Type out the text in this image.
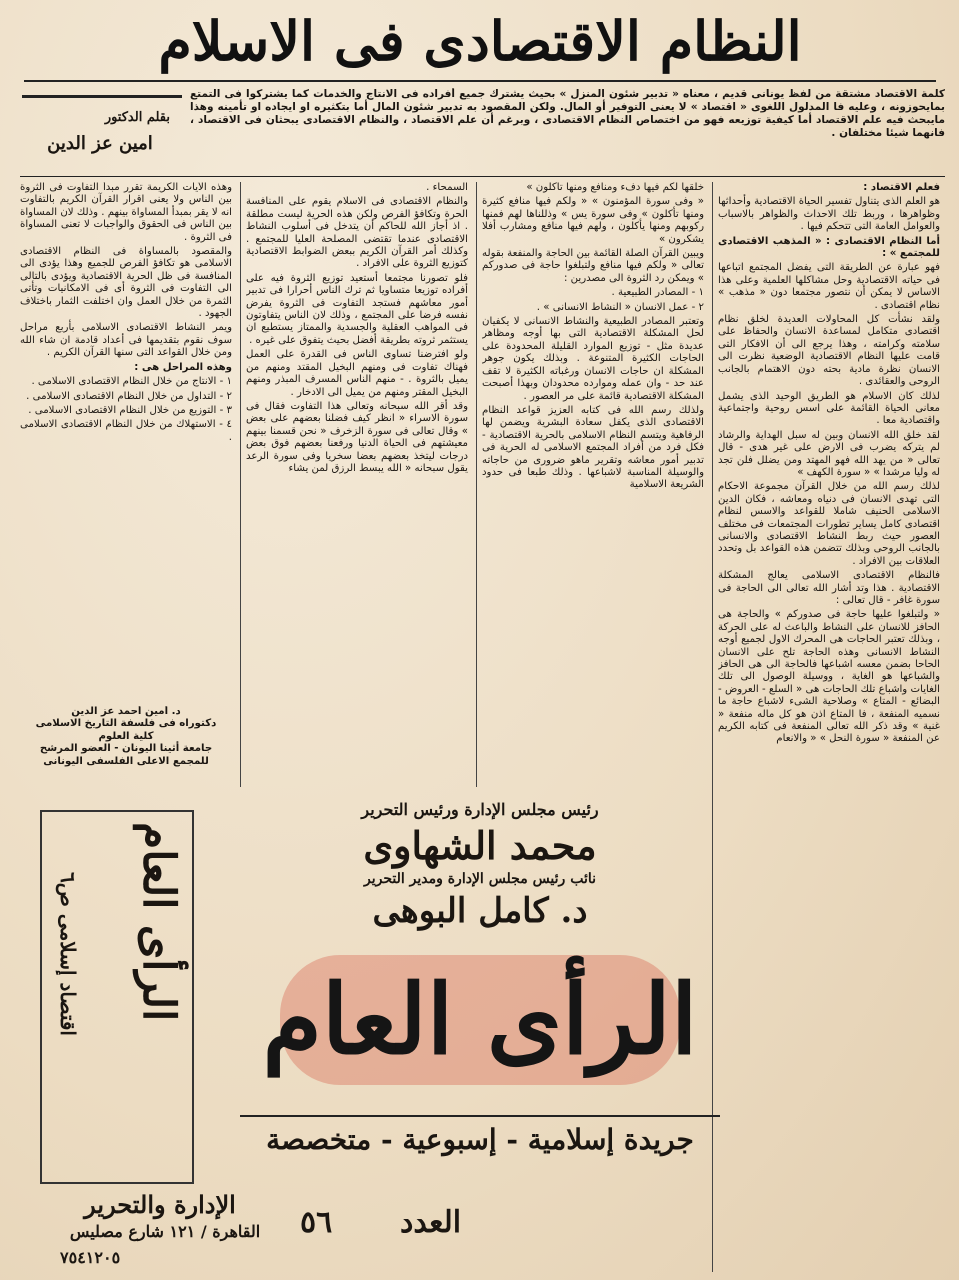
النظام الاقتصادى فى الاسلام
كلمة الاقتصاد مشتقة من لفظ يونانى قديم ، معناه « تدبير شئون المنزل » بحيث يشترك جميع أفراده فى الانتاج والخدمات كما يشتركوا فى التمتع بمايحوزونه ، وعليه فا المدلول اللغوى « اقتصاد » لا يعنى التوفير أو المال. ولكن المقصود به تدبير شئون المال أما بتكثيره او ايجاده او تأمينه وهذا مايبحث فيه علم الاقتصاد أما كيفية توزيعه فهو من اختصاص النظام الاقتصادى ، وبرغم أن علم الاقتصاد ، والنظام الاقتصادى يبحثان فى الاقتصاد ، فانهما شيئا مختلفان .
بقلم الدكتور
امين عز الدين

فعلم الاقتصاد :

هو العلم الذى يتناول تفسير الحياة الاقتصادية وأحداثها وظواهرها ، وربط تلك الاحداث والظواهر بالاسباب والعوامل العامة التى تتحكم فيها .

أما النظام الاقتصادى : « المذهب الاقتصادى للمجتمع » :

فهو عبارة عن الطريقة التى يفضل المجتمع اتباعها فى حياته الاقتصادية وحل مشاكلها العلمية وعلى هذا الاساس لا يمكن أن نتصور مجتمعا دون « مذهب » نظام اقتصادى .

ولقد نشأت كل المحاولات العديدة لخلق نظام اقتصادى متكامل لمساعدة الانسان والحفاظ على سلامته وكرامته ، وهذا يرجع الى أن الافكار التى قامت عليها النظام الاقتصادية الوضعية نظرت الى الانسان نظرة مادية بحته دون الاهتمام بالجانب الروحى والعقائدى .

لذلك كان الاسلام هو الطريق الوحيد الذى يشمل معانى الحياة القائمة على اسس روحية واجتماعية واقتصادية معا .

لقد خلق الله الانسان وبين له سبل الهداية والرشاد لم يتركه يضرب فى الارض على غير هدى - قال تعالى « من يهد الله فهو المهتد ومن يضلل فلن تجد له وليا مرشدا » « سورة الكهف »

لذلك رسم الله من خلال القرآن مجموعة الاحكام التى تهدى الانسان فى دنياه ومعاشه ، فكان الدين الاسلامى الحنيف شاملا للقواعد والاسس لنظام اقتصادى كامل يساير تطورات المجتمعات فى مختلف العصور حيث ربط النشاط الاقتصادى والانسانى بالجانب الروحى وبذلك تتضمن هذه القواعد بل وتحدد العلاقات بين الافراد .

فالنظام الاقتصادى الاسلامى يعالج المشكلة الاقتصادية . هذا وتد أشار الله تعالى الى الحاجة فى سورة غافر - قال تعالى :

« ولتبلغوا عليها حاجة فى صدوركم » والحاجة هى الحافز للانسان على النشاط والباعث له على الحركة ، وبذلك تعتبر الحاجات هى المحرك الاول لجميع أوجه النشاط الانسانى وهذه الحاجة تلح على الانسان الحاحا بضمن معسه اشباعها فالحاجة الى هى الحافز والشباعها هو الغاية ، ووسيلة الوصول الى تلك الغايات واشباع تلك الحاجات هى « السلع - العروض - البضائع - المتاع » وصلاحية الشىء لاشباع حاجة ما نسميه المنفعة ، فا المتاع اذن هو كل ماله منفعة « غنية » وقد ذكر الله تعالى المنفعة فى كتابه الكريم عن المنفعة « سورة النحل » « والانعام

خلقها لكم فيها دفء ومنافع ومنها تأكلون »

« وفى سورة المؤمنون » « ولكم فيها منافع كثيرة ومنها تأكلون » وفى سورة يس » وذللناها لهم فمنها ركوبهم ومنها يأكلون ، ولهم فيها منافع ومشارب أفلا يشكرون »

ويبين القرآن الصلة القائمة بين الحاجة والمنفعة بقوله تعالى « ولكم فيها منافع ولتبلغوا حاجة فى صدوركم » ويمكن رد الثروة الى مصدرين :

١ - المصادر الطبيعية .

٢ - عمل الانسان « النشاط الانسانى » .

وتعتبر المصادر الطبيعية والنشاط الانسانى لا يكفيان لحل المشكلة الاقتصادية التى بها أوجه ومظاهر عديدة مثل - توزيع الموارد القليلة المحدودة على الحاجات الكثيرة المتنوعة . وبذلك يكون جوهر المشكلة ان حاجات الانسان ورغباته الكثيرة لا تقف عند حد - وان عمله وموارده محدودان وبهذا أصبحت المشكلة الاقتصادية قائمة على مر العصور .

ولذلك رسم الله فى كتابه العزيز قواعد النظام الاقتصادى الذى يكفل سعادة البشرية ويضمن لها الرفاهية ويتسم النظام الاسلامى بالحرية الاقتصادية - فكل فرد من أفراد المجتمع الاسلامى له الحرية فى تدبير أمور معاشه وتقرير ماهو ضرورى من حاجاته والوسيلة المناسبة لاشباعها . وذلك طبعا فى حدود الشريعة الاسلامية

السمحاء .

والنظام الاقتصادى فى الاسلام يقوم على المنافسة الحرة وتكافؤ الفرص ولكن هذه الحرية ليست مطلقة . اذ أجاز الله للحاكم أن يتدخل فى أسلوب النشاط الاقتصادى عندما تقتضى المصلحة العليا للمجتمع . وكذلك أمر القرآن الكريم ببعض الضوابط الاقتصادية كتوزيع الثروة على الافراد .

فلو تصورنا مجتمعا أستعيد توزيع الثروة فيه على أفراده توزيعا متساويا ثم ترك الناس أحرارا فى تدبير أمور معاشهم فستجد التفاوت فى الثروة يفرض نفسه فرضا على المجتمع ، وذلك لان الناس يتفاوتون فى المواهب العقلية والجسدية والممتاز يستطيع ان يستثمر ثروته بطريقة أفضل بحيث يتفوق على غيره .

ولو افترضنا تساوى الناس فى القدرة على العمل فهناك تفاوت فى ومنهم البخيل المقتد ومنهم من يميل بالثروة . - منهم الناس المسرف المبذر ومنهم البخيل المقتر ومنهم من يميل الى الادخار .

وقد أقر الله سبحانه وتعالى هذا التفاوت فقال فى سورة الاسراء « انظر كيف فضلنا بعضهم على بعض » وقال تعالى فى سورة الزخرف « نحن قسمنا بينهم معيشتهم فى الحياة الدنيا ورفعنا بعضهم فوق بعض درجات ليتخذ بعضهم بعضا سخريا وفى سورة الرعد يقول سبحانه « الله يبسط الرزق لمن يشاء

وهذه الآيات الكريمة تقرر مبدأ التفاوت فى الثروة بين الناس ولا يعنى اقرار القرآن الكريم بالتفاوت انه لا يقر بمبدأ المساواة بينهم . وذلك لان المساواة بين الناس فى الحقوق والواجبات لا تعنى المساواة فى الثروة .

والمقصود بالمساواة فى النظام الاقتصادى الاسلامى هو تكافؤ الفرص للجميع وهذا يؤدى الى المنافسة فى ظل الحرية الاقتصادية ويؤدى بالتالى الى التفاوت فى الثروة أى فى الامكانيات وتأتى الثمرة من خلال العمل وان اختلفت الثمار باختلاف الجهود .

ويمر النشاط الاقتصادى الاسلامى بأربع مراحل سوف نقوم بتقديمها فى أعداد قادمة ان شاء الله ومن خلال القواعد التى سنها القرآن الكريم .

وهذه المراحل هى :

١ - الانتاج من خلال النظام الاقتصادى الاسلامى .

٢ - التداول من خلال النظام الاقتصادى الاسلامى .

٣ - التوزيع من خلال النظام الاقتصادى الاسلامى .

٤ - الاستهلاك من خلال النظام الاقتصادى الاسلامى .

د. أمين أحمد عز الدين
دكتوراه فى فلسفة التاريخ الاسلامى
كلية العلوم
جامعة أثينا اليونان - العضو المرشح
للمجمع الاعلى الفلسفى اليونانى
رئيس مجلس الإدارة ورئيس التحرير
محمد الشهاوى
نائب رئيس مجلس الإدارة ومدير التحرير
د. كامل البوهى
الرأى العام
جريدة إسلامية - إسبوعية - متخصصة
الرأى العام
اقتصاد إسلامى ص٦
العدد
٥٦
الإدارة والتحرير
القاهرة / ١٢١ شارع مصليس
٧٥٤١٢٠٥
